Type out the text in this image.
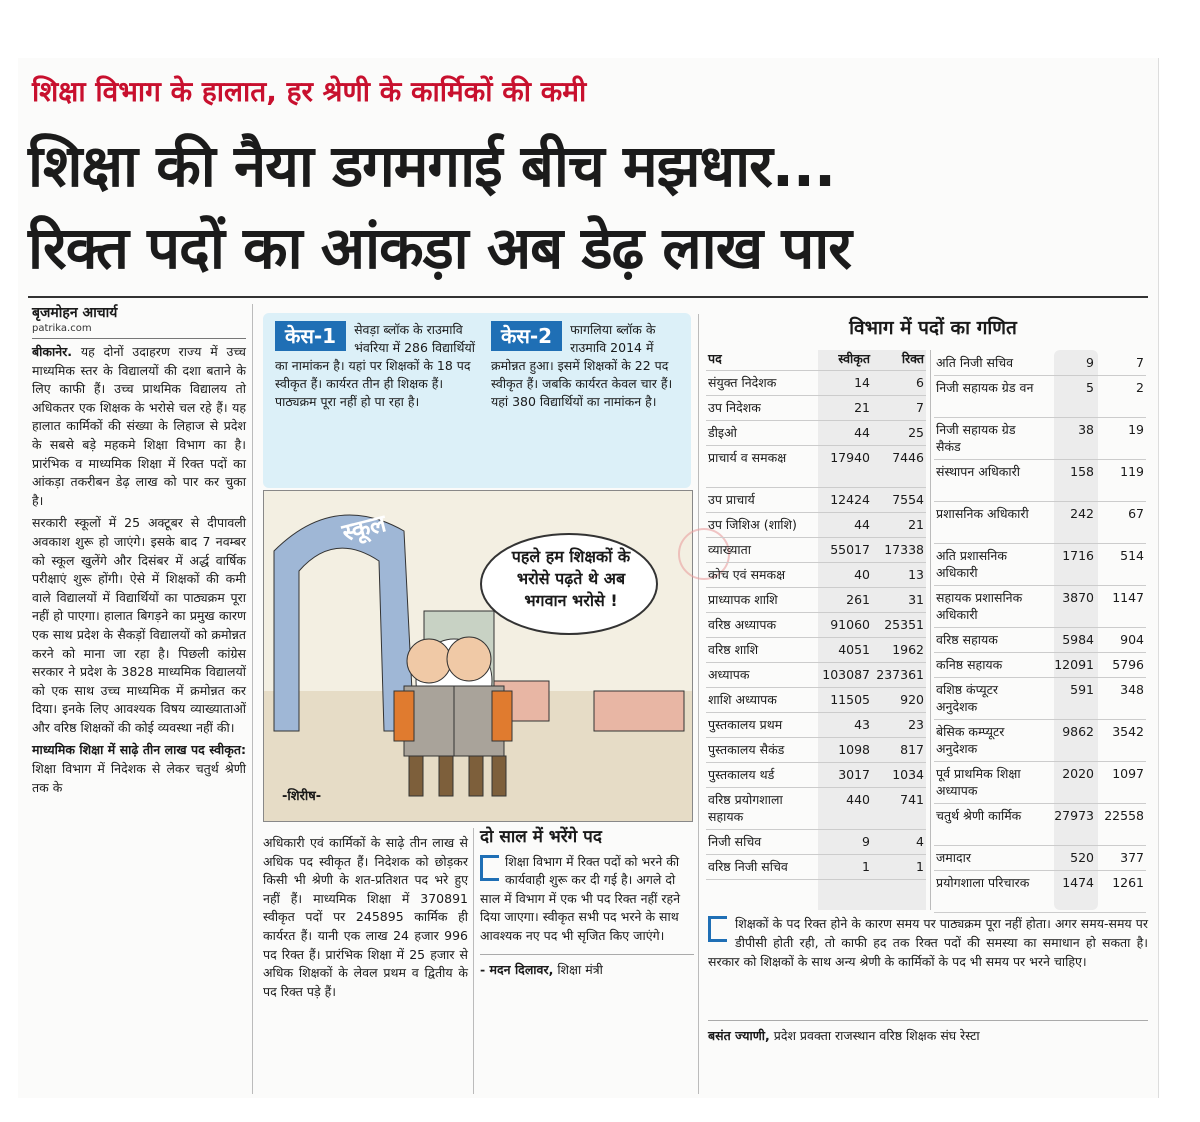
शिक्षा विभाग के हालात, हर श्रेणी के कार्मिकों की कमी
शिक्षा की नैया डगमगाई बीच मझधार...
रिक्त पदों का आंकड़ा अब डेढ़ लाख पार
बृजमोहन आचार्य
patrika.com

बीकानेर. यह दोनों उदाहरण राज्य में उच्च माध्यमिक स्तर के विद्यालयों की दशा बताने के लिए काफी हैं। उच्च प्राथमिक विद्यालय तो अधिकतर एक शिक्षक के भरोसे चल रहे हैं। यह हालात कार्मिकों की संख्या के लिहाज से प्रदेश के सबसे बड़े महकमे शिक्षा विभाग का है। प्रारंभिक व माध्यमिक शिक्षा में रिक्त पदों का आंकड़ा तकरीबन डेढ़ लाख को पार कर चुका है।

सरकारी स्कूलों में 25 अक्टूबर से दीपावली अवकाश शुरू हो जाएंगे। इसके बाद 7 नवम्बर को स्कूल खुलेंगे और दिसंबर में अर्द्ध वार्षिक परीक्षाएं शुरू होंगी। ऐसे में शिक्षकों की कमी वाले विद्यालयों में विद्यार्थियों का पाठ्यक्रम पूरा नहीं हो पाएगा। हालात बिगड़ने का प्रमुख कारण एक साथ प्रदेश के सैकड़ों विद्यालयों को क्रमोन्नत करने को माना जा रहा है। पिछली कांग्रेस सरकार ने प्रदेश के 3828 माध्यमिक विद्यालयों को एक साथ उच्च माध्यमिक में क्रमोन्नत कर दिया। इनके लिए आवश्यक विषय व्याख्याताओं और वरिष्ठ शिक्षकों की कोई व्यवस्था नहीं की।

माध्यमिक शिक्षा में साढ़े तीन लाख पद स्वीकृत: शिक्षा विभाग में निदेशक से लेकर चतुर्थ श्रेणी तक के

केस-1	सेवड़ा ब्लॉक के राउमावि भंवरिया में 286 विद्यार्थियों का नामांकन है। यहां पर शिक्षकों के 18 पद स्वीकृत हैं। कार्यरत तीन ही शिक्षक हैं। पाठ्यक्रम पूरा नहीं हो पा रहा है।
केस-2	फागलिया ब्लॉक के राउमावि 2014 में क्रमोन्नत हुआ। इसमें शिक्षकों के 22 पद स्वीकृत हैं। जबकि कार्यरत केवल चार हैं। यहां 380 विद्यार्थियों का नामांकन है।
स्कूल
पहले हम शिक्षकों के भरोसे पढ़ते थे अब भगवान भरोसे !
-शिरीष-

अधिकारी एवं कार्मिकों के साढ़े तीन लाख से अधिक पद स्वीकृत हैं। निदेशक को छोड़कर किसी भी श्रेणी के शत-प्रतिशत पद भरे हुए नहीं हैं। माध्यमिक शिक्षा में 370891 स्वीकृत पदों पर 245895 कार्मिक ही कार्यरत हैं। यानी एक लाख 24 हजार 996 पद रिक्त हैं। प्रारंभिक शिक्षा में 25 हजार से अधिक शिक्षकों के लेवल प्रथम व द्वितीय के पद रिक्त पड़े हैं।

दो साल में भरेंगे पद
शिक्षा विभाग में रिक्त पदों को भरने की कार्यवाही शुरू कर दी गई है। अगले दो साल में विभाग में एक भी पद रिक्त नहीं रहने दिया जाएगा। स्वीकृत सभी पद भरने के साथ आवश्यक नए पद भी सृजित किए जाएंगे।
- मदन दिलावर, शिक्षा मंत्री
विभाग में पदों का गणित
पद	स्वीकृत	रिक्त
संयुक्त निदेशक	14	6
उप निदेशक	21	7
डीइओ	44	25
प्राचार्य व समकक्ष	17940 7446
उप प्राचार्य	12424 7554
उप जिशिअ (शाशि)	44	21
व्याख्याता	55017 17338
कोच एवं समकक्ष	40	13
प्राध्यापक शाशि	261	31
वरिष्ठ अध्यापक	91060 25351
वरिष्ठ शाशि	4051 1962
अध्यापक	103087 237361
शाशि अध्यापक	11505 920
पुस्तकालय प्रथम	43	23
पुस्तकालय सैकंड	1098 817
पुस्तकालय थर्ड	3017 1034
वरिष्ठ प्रयोगशाला सहायक
440 741
निजी सचिव	9	4
वरिष्ठ निजी सचिव	1	1
अति निजी सचिव	9	7
निजी सहायक ग्रेड वन	5	2
निजी सहायक ग्रेड सैकंड
38	19
संस्थापन अधिकारी	158 119
प्रशासनिक अधिकारी	242	67
अति प्रशासनिक अधिकारी
1716 514
सहायक प्रशासनिक अधिकारी
3870 1147
वरिष्ठ सहायक	5984 904
कनिष्ठ सहायक	12091 5796
वशिष्ठ कंप्यूटर अनुदेशक
591 348
बेसिक कम्प्यूटर अनुदेशक
9862 3542
पूर्व प्राथमिक शिक्षा अध्यापक
2020 1097
चतुर्थ श्रेणी कार्मिक	27973 22558
जमादार	520 377
प्रयोगशाला परिचारक	1474 1261
शिक्षकों के पद रिक्त होने के कारण समय पर पाठ्यक्रम पूरा नहीं होता। अगर समय-समय पर डीपीसी होती रही, तो काफी हद तक रिक्त पदों की समस्या का समाधान हो सकता है। सरकार को शिक्षकों के साथ अन्य श्रेणी के कार्मिकों के पद भी समय पर भरने चाहिए।
बसंत ज्याणी, प्रदेश प्रवक्ता राजस्थान वरिष्ठ शिक्षक संघ रेस्टा
